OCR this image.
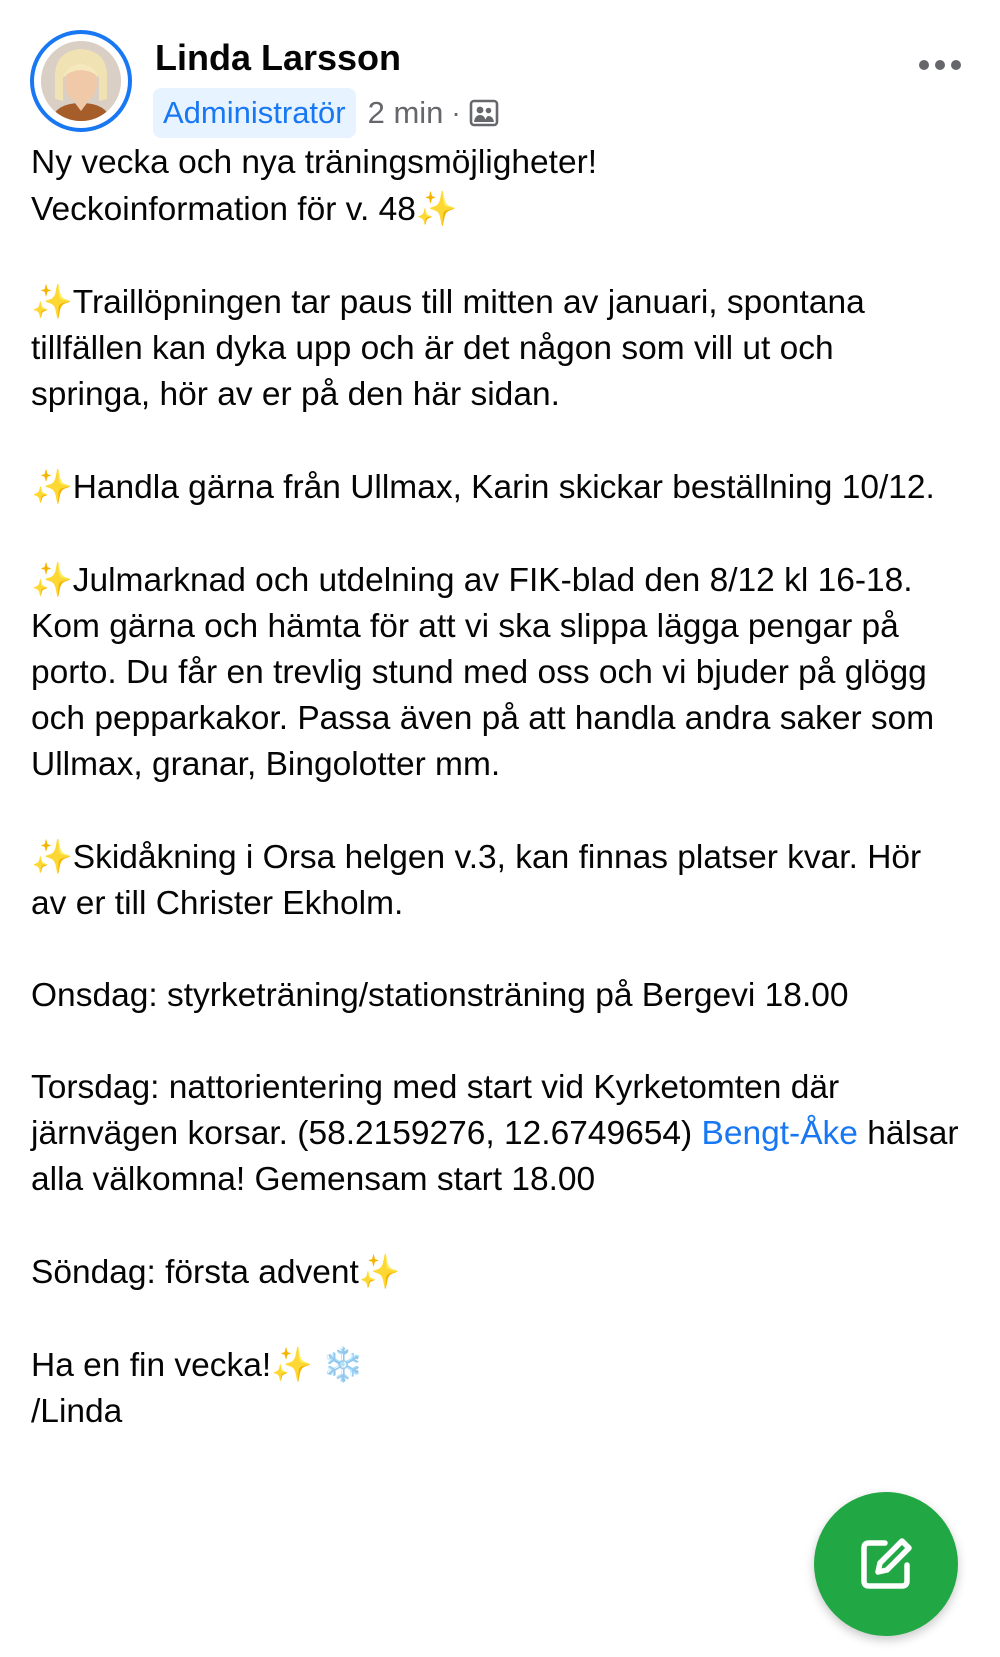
Linda Larsson
Administratör 2 min ·

Ny vecka och nya träningsmöjligheter!
Veckoinformation för v. 48✨

✨Traillöpningen tar paus till mitten av januari, spontana tillfällen kan dyka upp och är det någon som vill ut och springa, hör av er på den här sidan.

✨Handla gärna från Ullmax, Karin skickar beställning 10/12.

✨Julmarknad och utdelning av FIK-blad den 8/12 kl 16-18. Kom gärna och hämta för att vi ska slippa lägga pengar på porto. Du får en trevlig stund med oss och vi bjuder på glögg och pepparkakor. Passa även på att handla andra saker som Ullmax, granar, Bingolotter mm.

✨Skidåkning i Orsa helgen v.3, kan finnas platser kvar. Hör av er till Christer Ekholm.

Onsdag: styrketräning/stationsträning på Bergevi 18.00

Torsdag: nattorientering med start vid Kyrketomten där järnvägen korsar. (58.2159276, 12.6749654) Bengt-Åke hälsar alla välkomna! Gemensam start 18.00

Söndag: första advent✨

Ha en fin vecka!✨ ❄️
/Linda
